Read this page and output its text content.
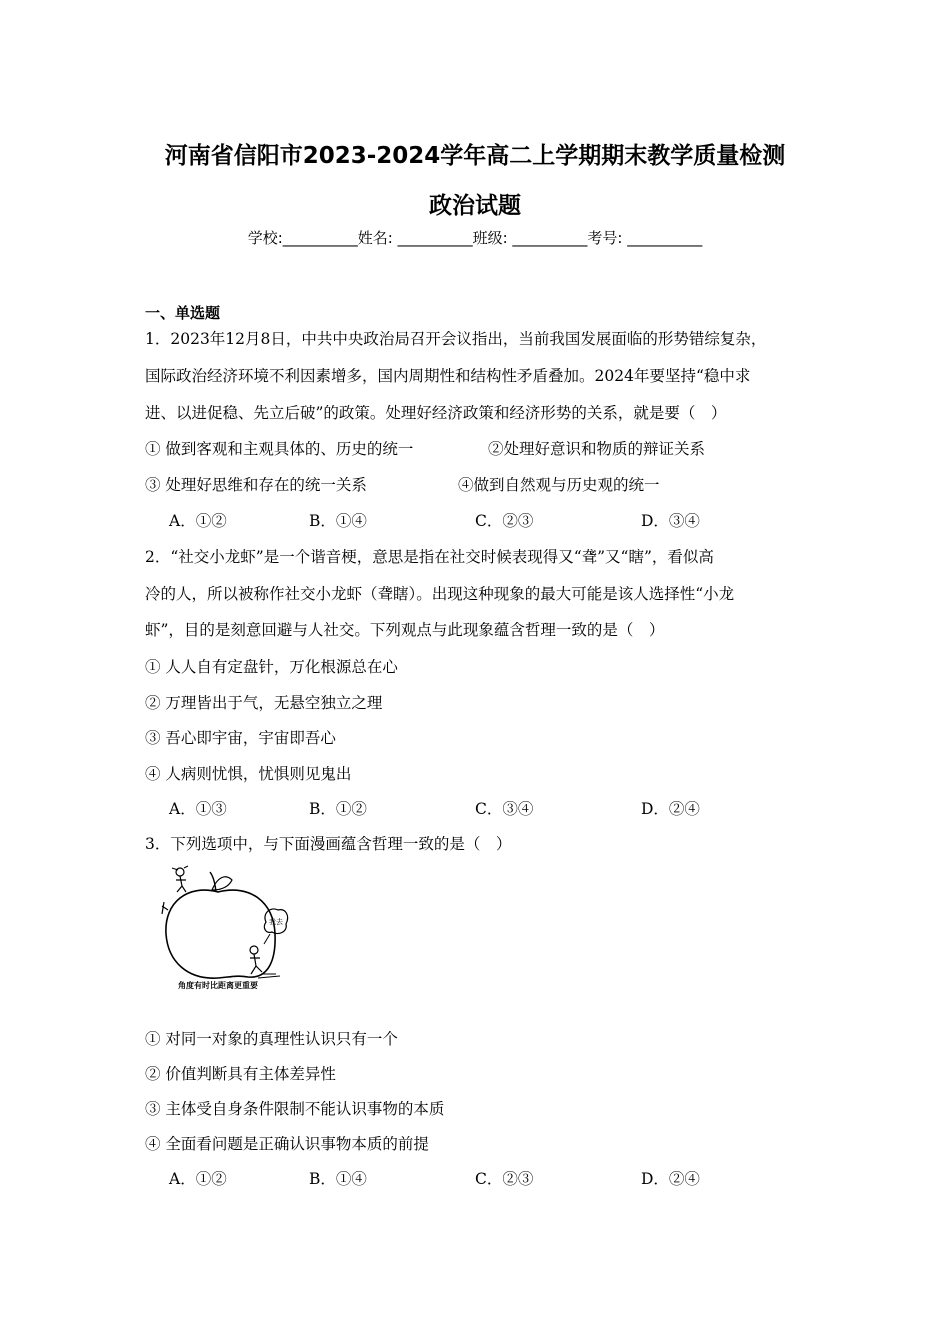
河南省信阳市2023-2024学年高二上学期期末教学质量检测
政治试题
学校:__________姓名: __________班级: __________考号: __________
一、单选题
1．2023年12月8日，中共中央政治局召开会议指出，当前我国发展面临的形势错综复杂，
国际政治经济环境不利因素增多，国内周期性和结构性矛盾叠加。2024年要坚持“稳中求
进、以进促稳、先立后破”的政策。处理好经济政策和经济形势的关系，就是要（　）
① 做到客观和主观具体的、历史的统一	②处理好意识和物质的辩证关系
③ 处理好思维和存在的统一关系	④做到自然观与历史观的统一
A．①②	B．①④	C．②③	D．③④
2．“社交小龙虾”是一个谐音梗，意思是指在社交时候表现得又“聋”又“瞎”，看似高
冷的人，所以被称作社交小龙虾（聋瞎）。出现这种现象的最大可能是该人选择性“小龙
虾”，目的是刻意回避与人社交。下列观点与此现象蕴含哲理一致的是（　）
① 人人自有定盘针，万化根源总在心
② 万理皆出于气，无悬空独立之理
③ 吾心即宇宙，宇宙即吾心
④ 人病则忧惧，忧惧则见鬼出
A．①③	B．①②	C．③④	D．②④
3．下列选项中，与下面漫画蕴含哲理一致的是（　）
我去
角度有时比距离更重要
① 对同一对象的真理性认识只有一个
② 价值判断具有主体差异性
③ 主体受自身条件限制不能认识事物的本质
④ 全面看问题是正确认识事物本质的前提
A．①②	B．①④	C．②③	D．②④
